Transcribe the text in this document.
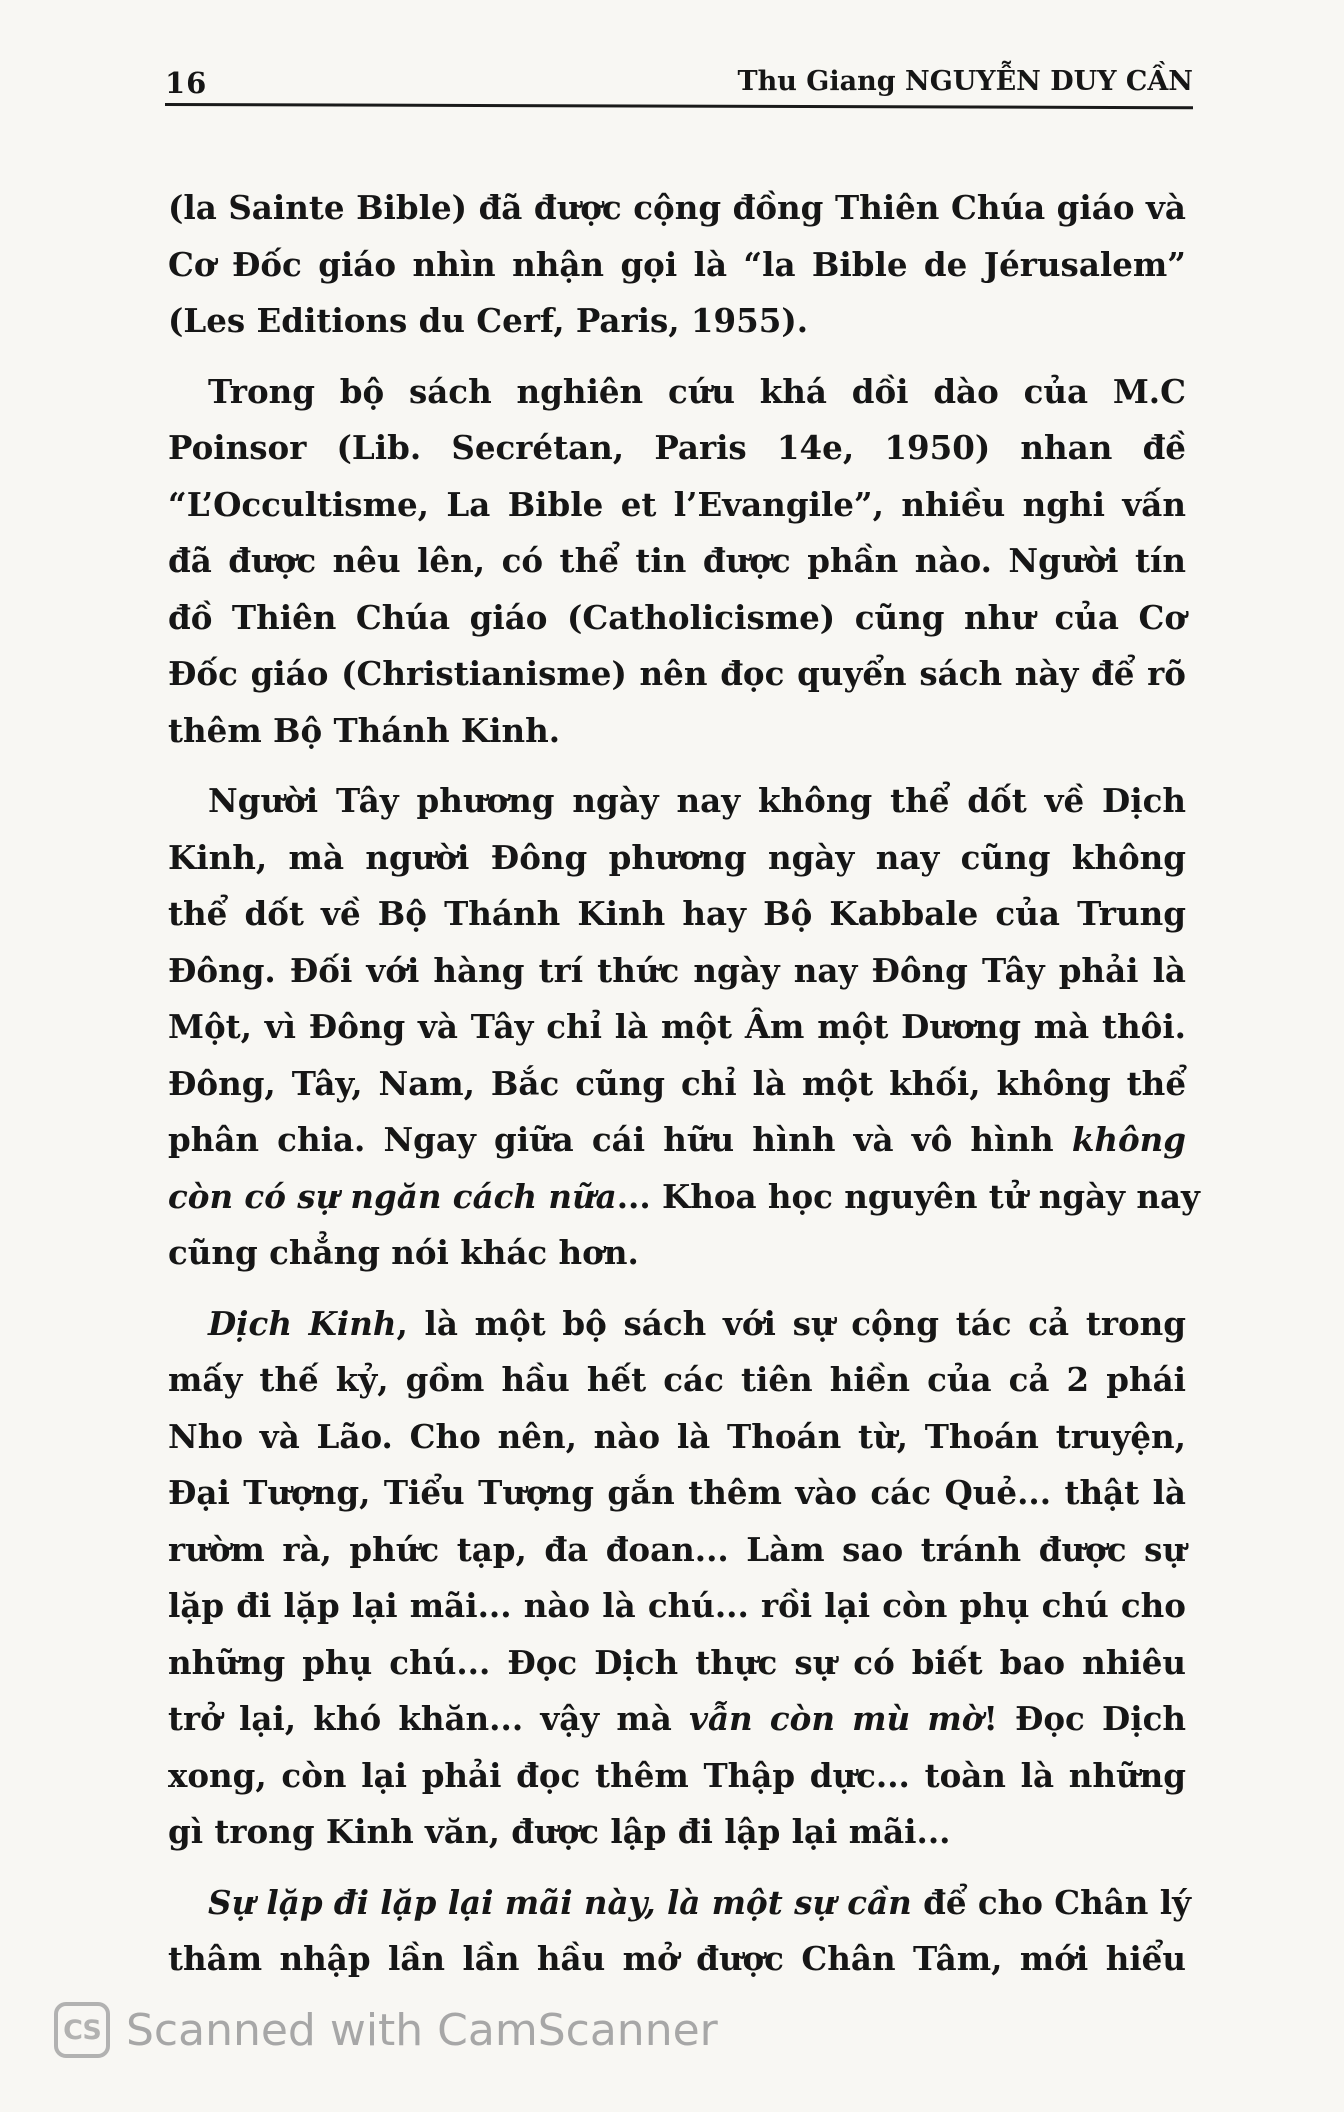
16	Thu Giang NGUYỄN DUY CẦN

(la Sainte Bible) đã được cộng đồng Thiên Chúa giáo và
Cơ Đốc giáo nhìn nhận gọi là “la Bible de Jérusalem”
(Les Editions du Cerf, Paris, 1955).

Trong bộ sách nghiên cứu khá dồi dào của M.C
Poinsor (Lib. Secrétan, Paris 14e, 1950) nhan đề
“L’Occultisme, La Bible et l’Evangile”, nhiều nghi vấn
đã được nêu lên, có thể tin được phần nào. Người tín
đồ Thiên Chúa giáo (Catholicisme) cũng như của Cơ
Đốc giáo (Christianisme) nên đọc quyển sách này để rõ
thêm Bộ Thánh Kinh.

Người Tây phương ngày nay không thể dốt về Dịch
Kinh, mà người Đông phương ngày nay cũng không
thể dốt về Bộ Thánh Kinh hay Bộ Kabbale của Trung
Đông. Đối với hàng trí thức ngày nay Đông Tây phải là
Một, vì Đông và Tây chỉ là một Âm một Dương mà thôi.
Đông, Tây, Nam, Bắc cũng chỉ là một khối, không thể
phân chia. Ngay giữa cái hữu hình và vô hình không
còn có sự ngăn cách nữa... Khoa học nguyên tử ngày nay
cũng chẳng nói khác hơn.

Dịch Kinh, là một bộ sách với sự cộng tác cả trong
mấy thế kỷ, gồm hầu hết các tiên hiền của cả 2 phái
Nho và Lão. Cho nên, nào là Thoán từ, Thoán truyện,
Đại Tượng, Tiểu Tượng gắn thêm vào các Quẻ... thật là
rườm rà, phức tạp, đa đoan... Làm sao tránh được sự
lặp đi lặp lại mãi... nào là chú... rồi lại còn phụ chú cho
những phụ chú... Đọc Dịch thực sự có biết bao nhiêu
trở lại, khó khăn... vậy mà vẫn còn mù mờ! Đọc Dịch
xong, còn lại phải đọc thêm Thập dực... toàn là những
gì trong Kinh văn, được lập đi lập lại mãi...

Sự lặp đi lặp lại mãi này, là một sự cần để cho Chân lý
thâm nhập lần lần hầu mở được Chân Tâm, mới hiểu

CS Scanned with CamScanner
